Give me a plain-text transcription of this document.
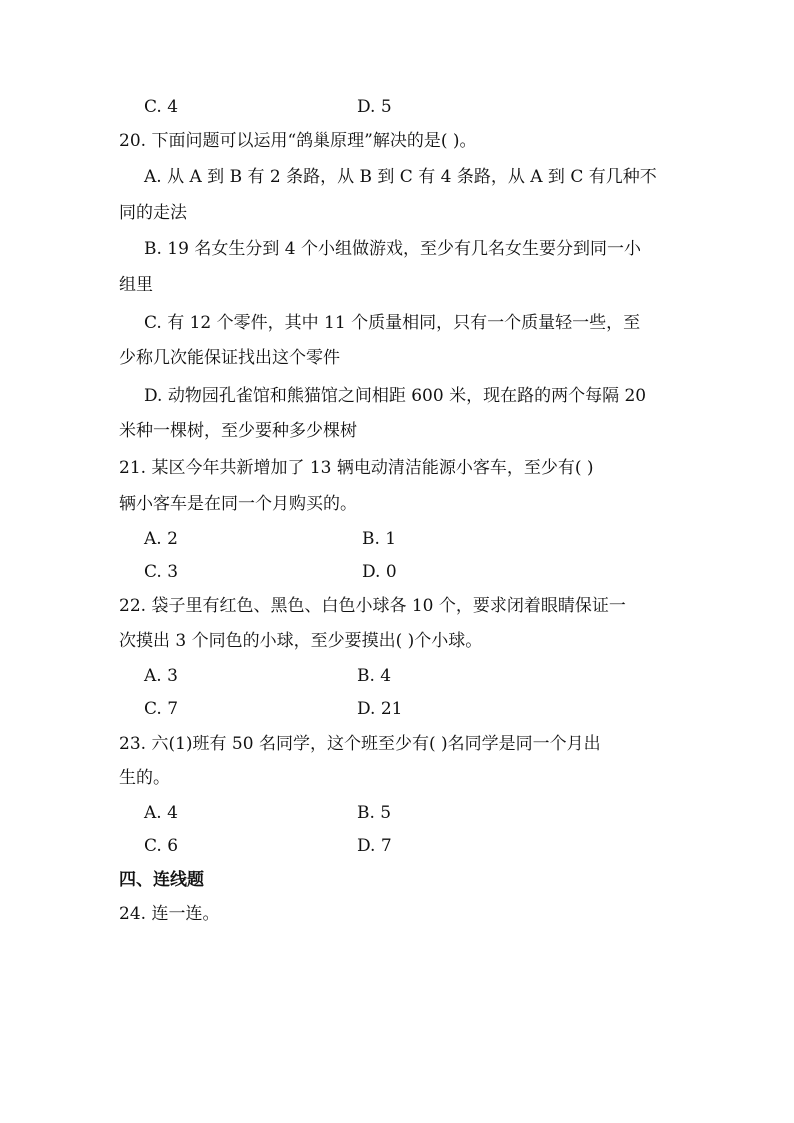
C. 4	D. 5
20. 下面问题可以运用“鸽巢原理”解决的是( )。
A. 从 A 到 B 有 2 条路，从 B 到 C 有 4 条路，从 A 到 C 有几种不
同的走法
B. 19 名女生分到 4 个小组做游戏，至少有几名女生要分到同一小
组里
C. 有 12 个零件，其中 11 个质量相同，只有一个质量轻一些，至
少称几次能保证找出这个零件
D. 动物园孔雀馆和熊猫馆之间相距 600 米，现在路的两个每隔 20
米种一棵树，至少要种多少棵树
21. 某区今年共新增加了 13 辆电动清洁能源小客车，至少有( )
辆小客车是在同一个月购买的。
A. 2	B. 1
C. 3	D. 0
22. 袋子里有红色、黑色、白色小球各 10 个，要求闭着眼睛保证一
次摸出 3 个同色的小球，至少要摸出( )个小球。
A. 3	B. 4
C. 7	D. 21
23. 六(1)班有 50 名同学，这个班至少有( )名同学是同一个月出
生的。
A. 4	B. 5
C. 6	D. 7
四、连线题
24. 连一连。
